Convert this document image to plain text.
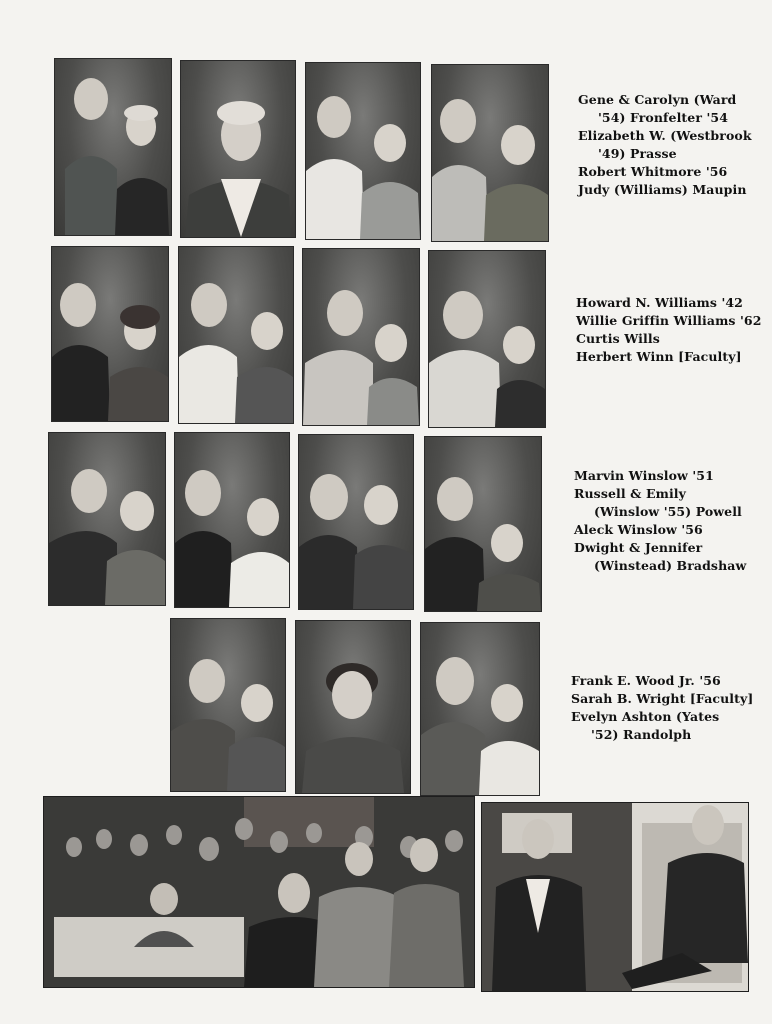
Gene & Carolyn (Ward
'54) Fronfelter '54
Elizabeth W. (Westbrook
'49) Prasse
Robert Whitmore '56
Judy (Williams) Maupin
Howard N. Williams '42
Willie Griffin Williams '62
Curtis Wills
Herbert Winn [Faculty]
Marvin Winslow '51
Russell & Emily
(Winslow '55) Powell
Aleck Winslow '56
Dwight & Jennifer
(Winstead) Bradshaw
Frank E. Wood Jr. '56
Sarah B. Wright [Faculty]
Evelyn Ashton (Yates
'52) Randolph
